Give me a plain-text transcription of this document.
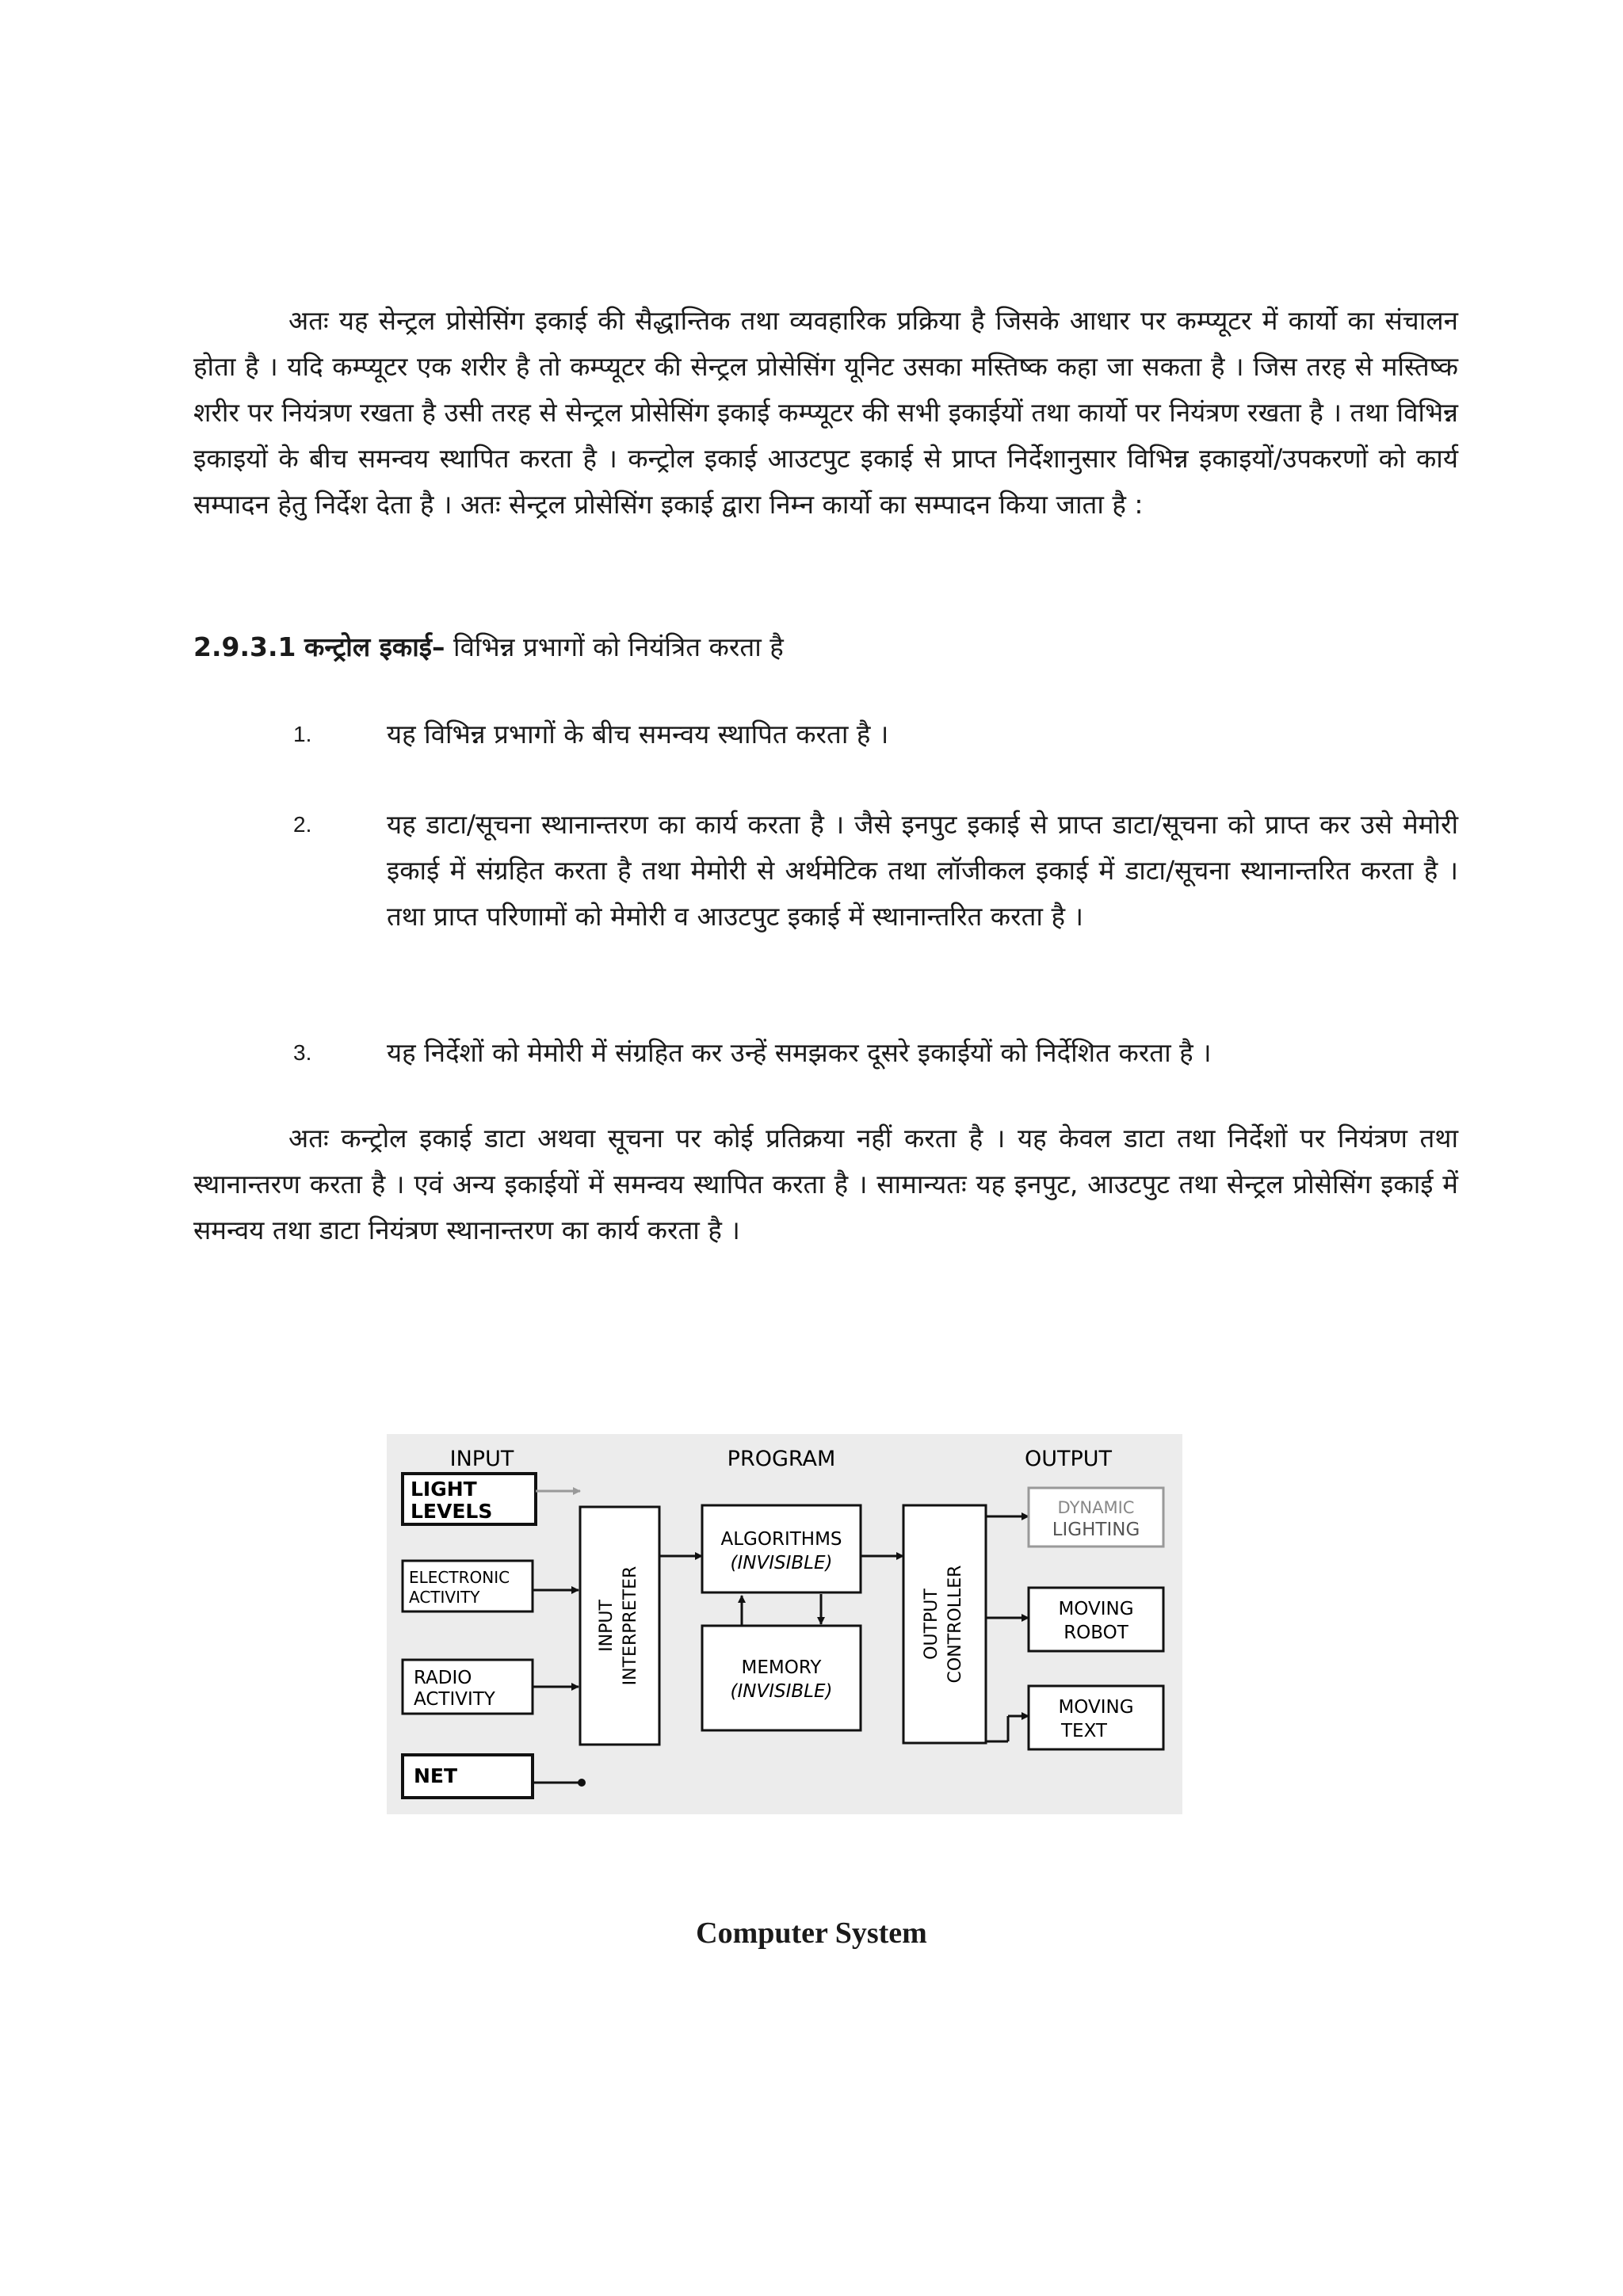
अतः यह सेन्ट्रल प्रोसेसिंग इकाई की सैद्धान्तिक तथा व्यवहारिक प्रक्रिया है जिसके आधार पर कम्प्यूटर में कार्यो का संचालन होता है । यदि कम्प्यूटर एक शरीर है तो कम्प्यूटर की सेन्ट्रल प्रोसेसिंग यूनिट उसका मस्तिष्क कहा जा सकता है । जिस तरह से मस्तिष्क शरीर पर नियंत्रण रखता है उसी तरह से सेन्ट्रल प्रोसेसिंग इकाई कम्प्यूटर की सभी इकाईयों तथा कार्यो पर नियंत्रण रखता है । तथा विभिन्न इकाइयों के बीच समन्वय स्थापित करता है । कन्ट्रोल इकाई आउटपुट इकाई से प्राप्त निर्देशानुसार विभिन्न इकाइयों/उपकरणों को कार्य सम्पादन हेतु निर्देश देता है । अतः सेन्ट्रल प्रोसेसिंग इकाई द्वारा निम्न कार्यो का सम्पादन किया जाता है :

2.9.3.1 कन्ट्रोल इकाई– विभिन्न प्रभागों को नियंत्रित करता है

1.	यह विभिन्न प्रभागों के बीच समन्वय स्थापित करता है ।
2.	यह डाटा/सूचना स्थानान्तरण का कार्य करता है । जैसे इनपुट इकाई से प्राप्त डाटा/सूचना को प्राप्त कर उसे मेमोरी इकाई में संग्रहित करता है तथा मेमोरी से अर्थमेटिक तथा लॉजीकल इकाई में डाटा/सूचना स्थानान्तरित करता है । तथा प्राप्त परिणामों को मेमोरी व आउटपुट इकाई में स्थानान्तरित करता है ।
3.	यह निर्देशों को मेमोरी में संग्रहित कर उन्हें समझकर दूसरे इकाईयों को निर्देशित करता है ।

अतः कन्ट्रोल इकाई डाटा अथवा सूचना पर कोई प्रतिक्रया नहीं करता है । यह केवल डाटा तथा निर्देशों पर नियंत्रण तथा स्थानान्तरण करता है । एवं अन्य इकाईयों में समन्वय स्थापित करता है । सामान्यतः यह इनपुट, आउटपुट तथा सेन्ट्रल प्रोसेसिंग इकाई में समन्वय तथा डाटा नियंत्रण स्थानान्तरण का कार्य करता है ।

INPUT	PROGRAM	OUTPUT
LIGHT
LEVELS
ELECTRONIC
ACTIVITY
RADIO
ACTIVITY
NET
INPUT INTERPRETER
ALGORITHMS
(INVISIBLE)
MEMORY
(INVISIBLE)
OUTPUT CONTROLLER
DYNAMIC
LIGHTING
MOVING
ROBOT
MOVING
TEXT
Computer System
